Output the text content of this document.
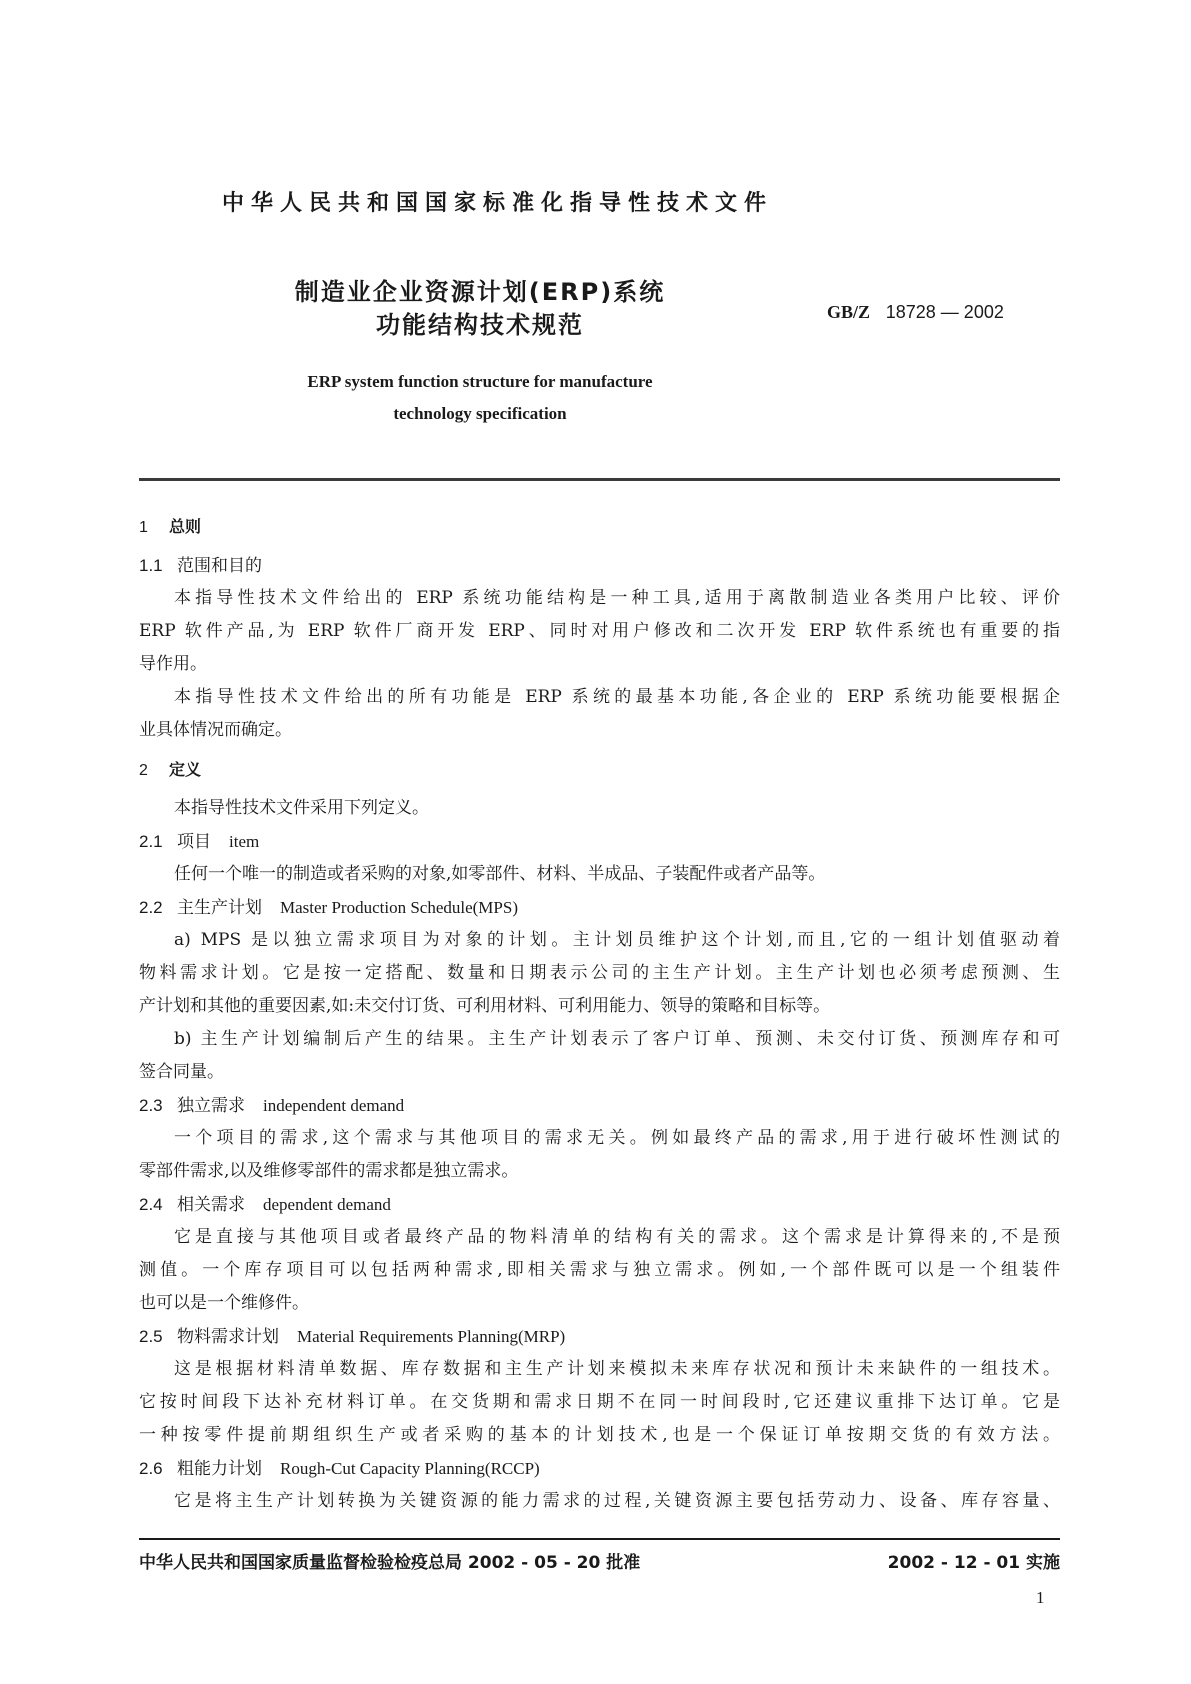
中华人民共和国国家标准化指导性技术文件
制造业企业资源计划(ERP)系统
功能结构技术规范	GB/Z 18728 — 2002
ERP system function structure for manufacture
technology specification
1 总则
1.1 范围和目的
本指导性技术文件给出的 ERP 系统功能结构是一种工具,适用于离散制造业各类用户比较、评价
ERP 软件产品,为 ERP 软件厂商开发 ERP、同时对用户修改和二次开发 ERP 软件系统也有重要的指
导作用。
本指导性技术文件给出的所有功能是 ERP 系统的最基本功能,各企业的 ERP 系统功能要根据企
业具体情况而确定。
2 定义
本指导性技术文件采用下列定义。
2.1 项目 item
任何一个唯一的制造或者采购的对象,如零部件、材料、半成品、子装配件或者产品等。
2.2 主生产计划 Master Production Schedule(MPS)
a) MPS 是以独立需求项目为对象的计划。主计划员维护这个计划,而且,它的一组计划值驱动着
物料需求计划。它是按一定搭配、数量和日期表示公司的主生产计划。主生产计划也必须考虑预测、生
产计划和其他的重要因素,如:未交付订货、可利用材料、可利用能力、领导的策略和目标等。
b) 主生产计划编制后产生的结果。主生产计划表示了客户订单、预测、未交付订货、预测库存和可
签合同量。
2.3 独立需求 independent demand
一个项目的需求,这个需求与其他项目的需求无关。例如最终产品的需求,用于进行破坏性测试的
零部件需求,以及维修零部件的需求都是独立需求。
2.4 相关需求 dependent demand
它是直接与其他项目或者最终产品的物料清单的结构有关的需求。这个需求是计算得来的,不是预
测值。一个库存项目可以包括两种需求,即相关需求与独立需求。例如,一个部件既可以是一个组装件
也可以是一个维修件。
2.5 物料需求计划 Material Requirements Planning(MRP)
这是根据材料清单数据、库存数据和主生产计划来模拟未来库存状况和预计未来缺件的一组技术。
它按时间段下达补充材料订单。在交货期和需求日期不在同一时间段时,它还建议重排下达订单。它是
一种按零件提前期组织生产或者采购的基本的计划技术,也是一个保证订单按期交货的有效方法。
2.6 粗能力计划 Rough-Cut Capacity Planning(RCCP)
它是将主生产计划转换为关键资源的能力需求的过程,关键资源主要包括劳动力、设备、库存容量、
中华人民共和国国家质量监督检验检疫总局 2002 - 05 - 20 批准	2002 - 12 - 01 实施
1
